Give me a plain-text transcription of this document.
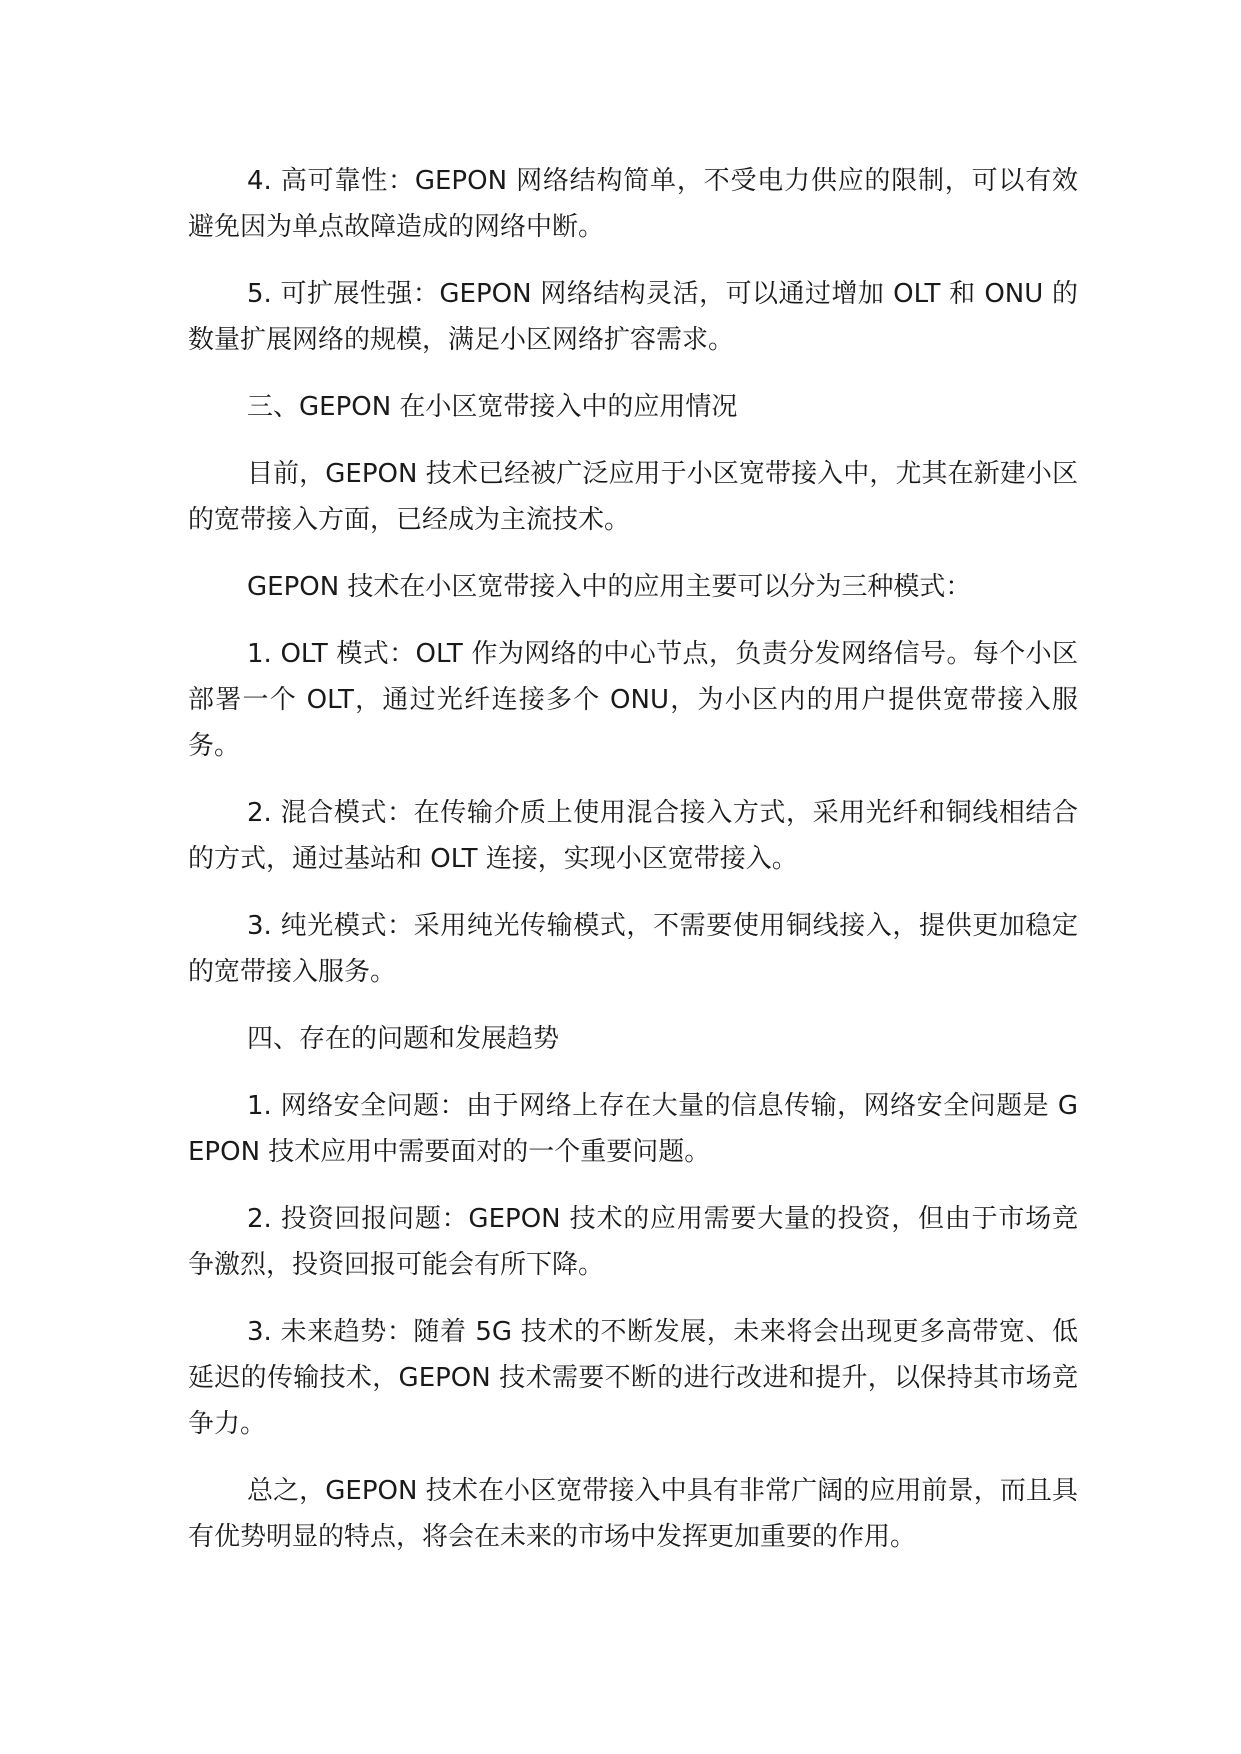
4. 高可靠性：GEPON 网络结构简单，不受电力供应的限制，可以有效避免因为单点故障造成的网络中断。

5. 可扩展性强：GEPON 网络结构灵活，可以通过增加 OLT 和 ONU 的数量扩展网络的规模，满足小区网络扩容需求。

三、GEPON 在小区宽带接入中的应用情况

目前，GEPON 技术已经被广泛应用于小区宽带接入中，尤其在新建小区的宽带接入方面，已经成为主流技术。

GEPON 技术在小区宽带接入中的应用主要可以分为三种模式：

1. OLT 模式：OLT 作为网络的中心节点，负责分发网络信号。每个小区部署一个 OLT，通过光纤连接多个 ONU，为小区内的用户提供宽带接入服务。

2. 混合模式：在传输介质上使用混合接入方式，采用光纤和铜线相结合的方式，通过基站和 OLT 连接，实现小区宽带接入。

3. 纯光模式：采用纯光传输模式，不需要使用铜线接入，提供更加稳定的宽带接入服务。

四、存在的问题和发展趋势

1. 网络安全问题：由于网络上存在大量的信息传输，网络安全问题是 GEPON 技术应用中需要面对的一个重要问题。

2. 投资回报问题：GEPON 技术的应用需要大量的投资，但由于市场竞争激烈，投资回报可能会有所下降。

3. 未来趋势：随着 5G 技术的不断发展，未来将会出现更多高带宽、低延迟的传输技术，GEPON 技术需要不断的进行改进和提升，以保持其市场竞争力。

总之，GEPON 技术在小区宽带接入中具有非常广阔的应用前景，而且具有优势明显的特点，将会在未来的市场中发挥更加重要的作用。
